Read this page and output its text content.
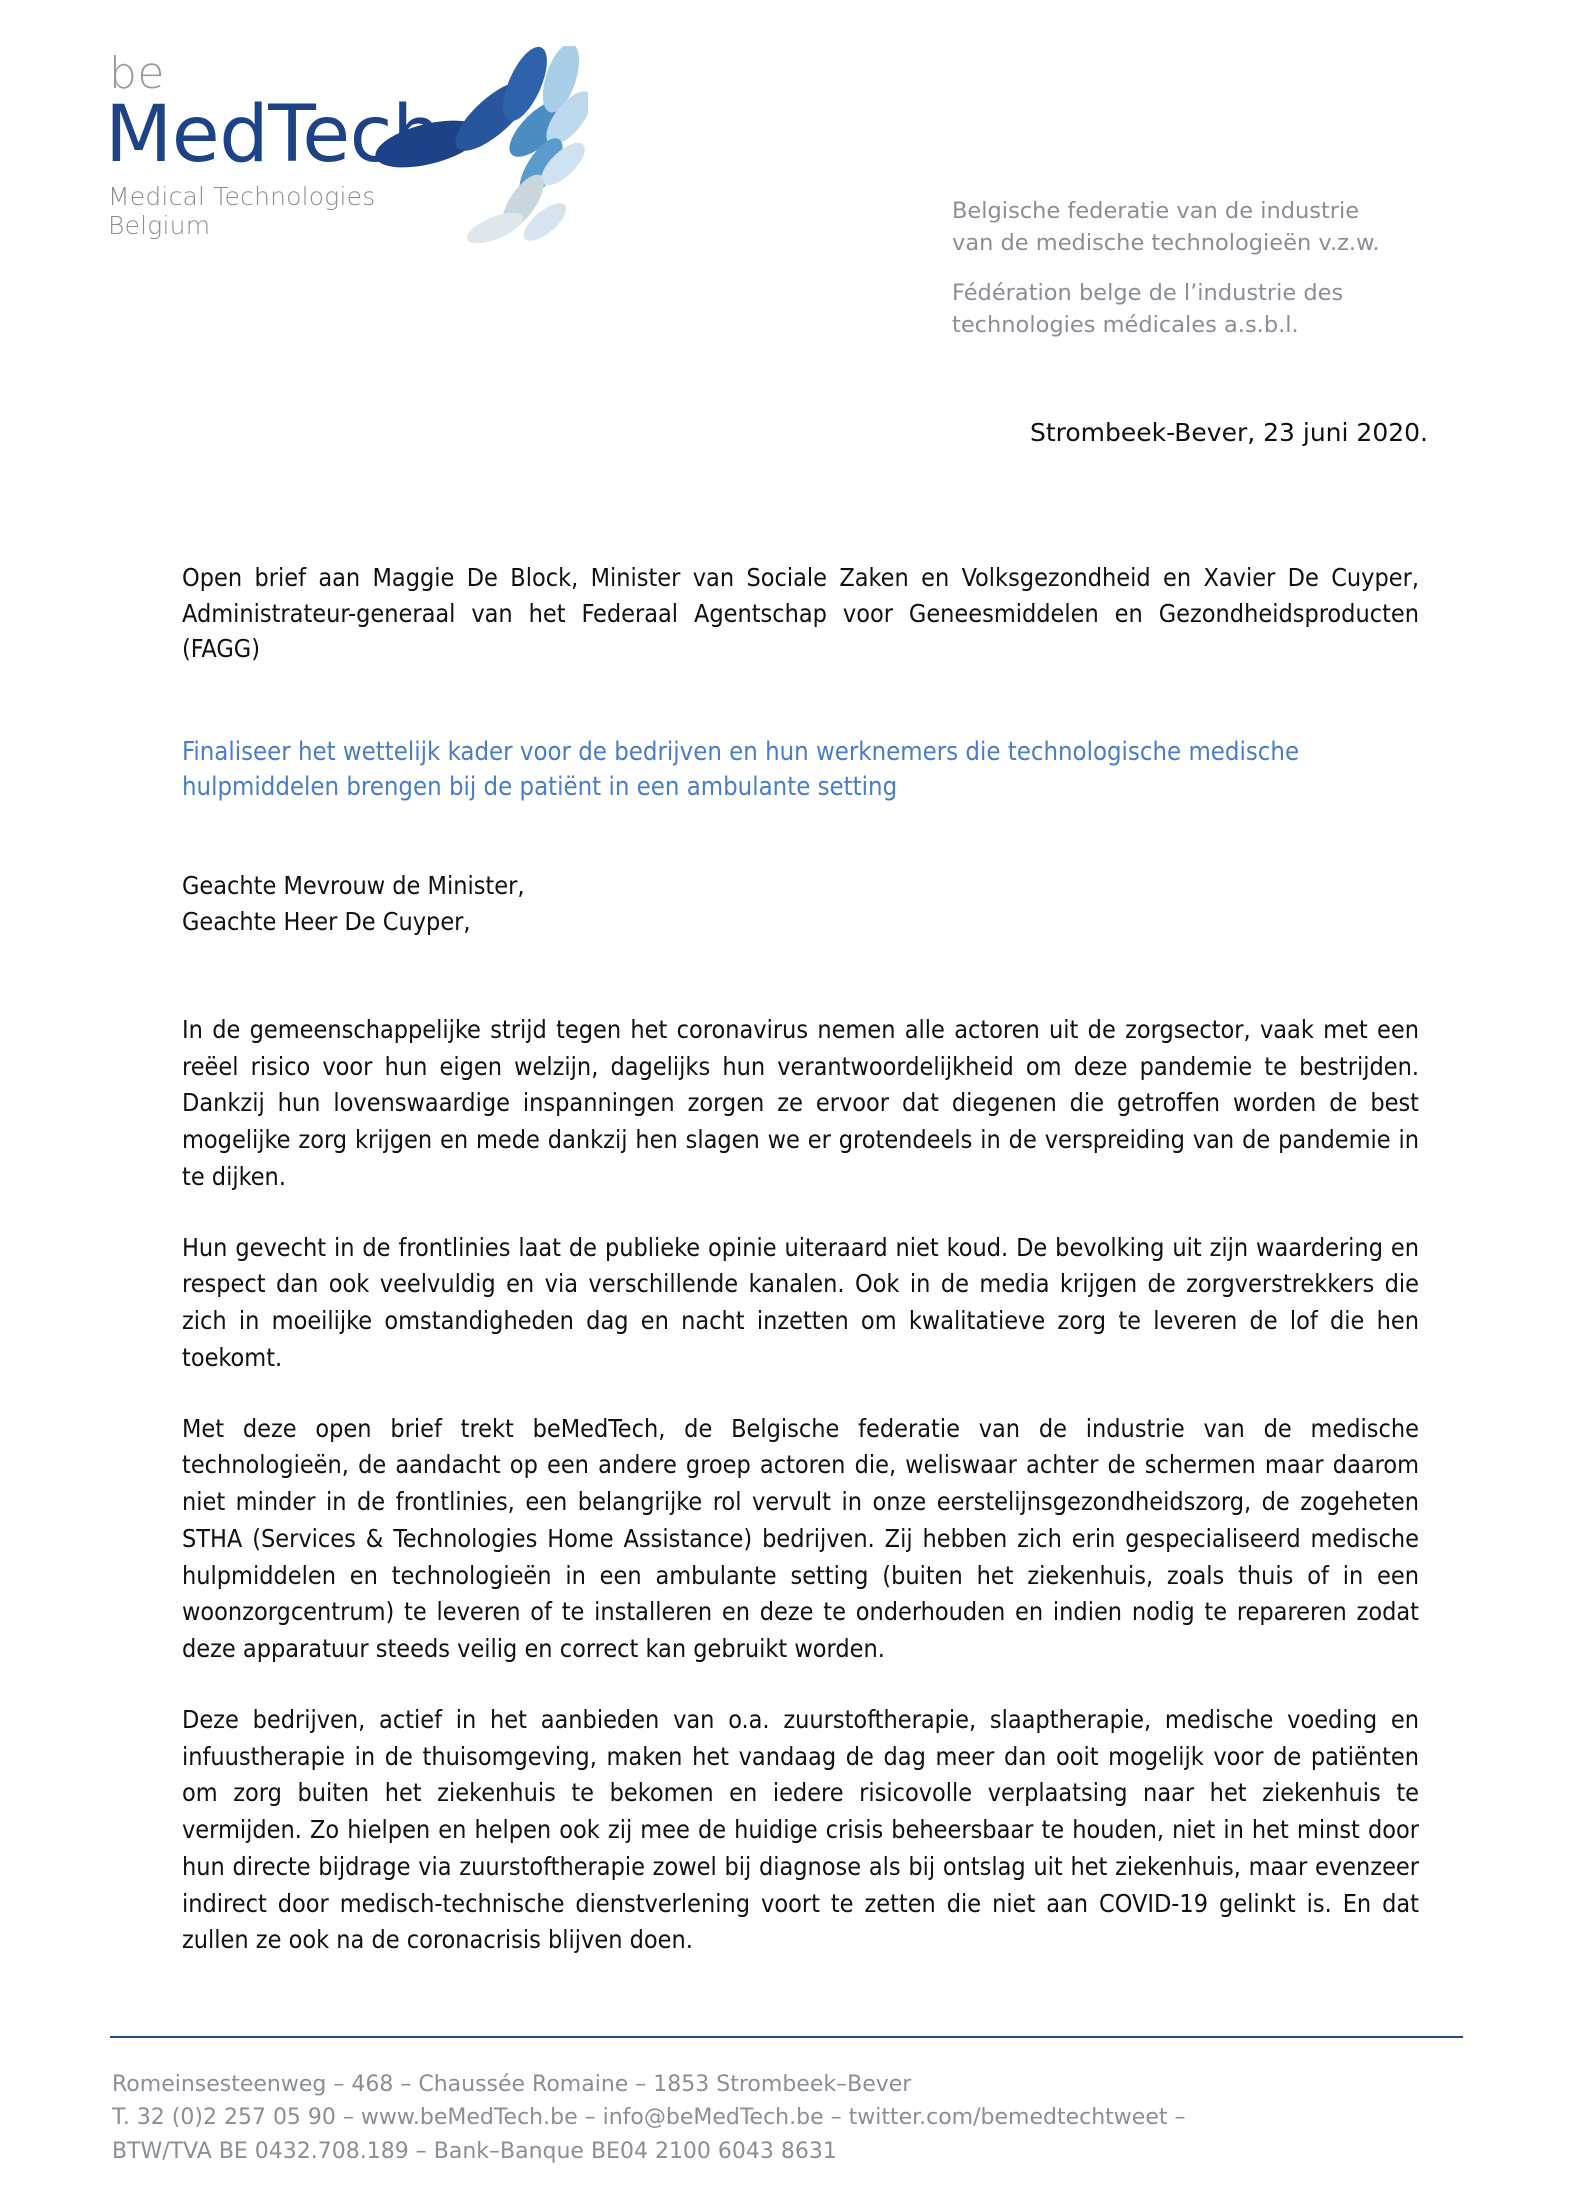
be
MedTech
Medical Technologies Belgium
Belgische federatie van de industrie
van de medische technologieën v.z.w.
Fédération belge de l’industrie des
technologies médicales a.s.b.l.
Strombeek-Bever, 23 juni 2020.

Open brief aan Maggie De Block, Minister van Sociale Zaken en Volksgezondheid en Xavier De Cuyper, Administrateur-generaal van het Federaal Agentschap voor Geneesmiddelen en Gezondheidsproducten (FAGG)

Finaliseer het wettelijk kader voor de bedrijven en hun werknemers die technologische medische hulpmiddelen brengen bij de patiënt in een ambulante setting

Geachte Mevrouw de Minister,
Geachte Heer De Cuyper,

In de gemeenschappelijke strijd tegen het coronavirus nemen alle actoren uit de zorgsector, vaak met een reëel risico voor hun eigen welzijn, dagelijks hun verantwoordelijkheid om deze pandemie te bestrijden. Dankzij hun lovenswaardige inspanningen zorgen ze ervoor dat diegenen die getroffen worden de best mogelijke zorg krijgen en mede dankzij hen slagen we er grotendeels in de verspreiding van de pandemie in te dijken.

Hun gevecht in de frontlinies laat de publieke opinie uiteraard niet koud. De bevolking uit zijn waardering en respect dan ook veelvuldig en via verschillende kanalen. Ook in de media krijgen de zorgverstrekkers die zich in moeilijke omstandigheden dag en nacht inzetten om kwalitatieve zorg te leveren de lof die hen toekomt.

Met deze open brief trekt beMedTech, de Belgische federatie van de industrie van de medische technologieën, de aandacht op een andere groep actoren die, weliswaar achter de schermen maar daarom niet minder in de frontlinies, een belangrijke rol vervult in onze eerstelijnsgezondheidszorg, de zogeheten STHA (Services & Technologies Home Assistance) bedrijven. Zij hebben zich erin gespecialiseerd medische hulpmiddelen en technologieën in een ambulante setting (buiten het ziekenhuis, zoals thuis of in een woonzorgcentrum) te leveren of te installeren en deze te onderhouden en indien nodig te repareren zodat deze apparatuur steeds veilig en correct kan gebruikt worden.

Deze bedrijven, actief in het aanbieden van o.a. zuurstoftherapie, slaaptherapie, medische voeding en infuustherapie in de thuisomgeving, maken het vandaag de dag meer dan ooit mogelijk voor de patiënten om zorg buiten het ziekenhuis te bekomen en iedere risicovolle verplaatsing naar het ziekenhuis te vermijden. Zo hielpen en helpen ook zij mee de huidige crisis beheersbaar te houden, niet in het minst door hun directe bijdrage via zuurstoftherapie zowel bij diagnose als bij ontslag uit het ziekenhuis, maar evenzeer indirect door medisch-technische dienstverlening voort te zetten die niet aan COVID-19 gelinkt is. En dat zullen ze ook na de coronacrisis blijven doen.

Romeinsesteenweg – 468 – Chaussée Romaine – 1853 Strombeek–Bever
T. 32 (0)2 257 05 90 – www.beMedTech.be – info@beMedTech.be – twitter.com/bemedtechtweet –
BTW/TVA BE 0432.708.189 – Bank–Banque BE04 2100 6043 8631
